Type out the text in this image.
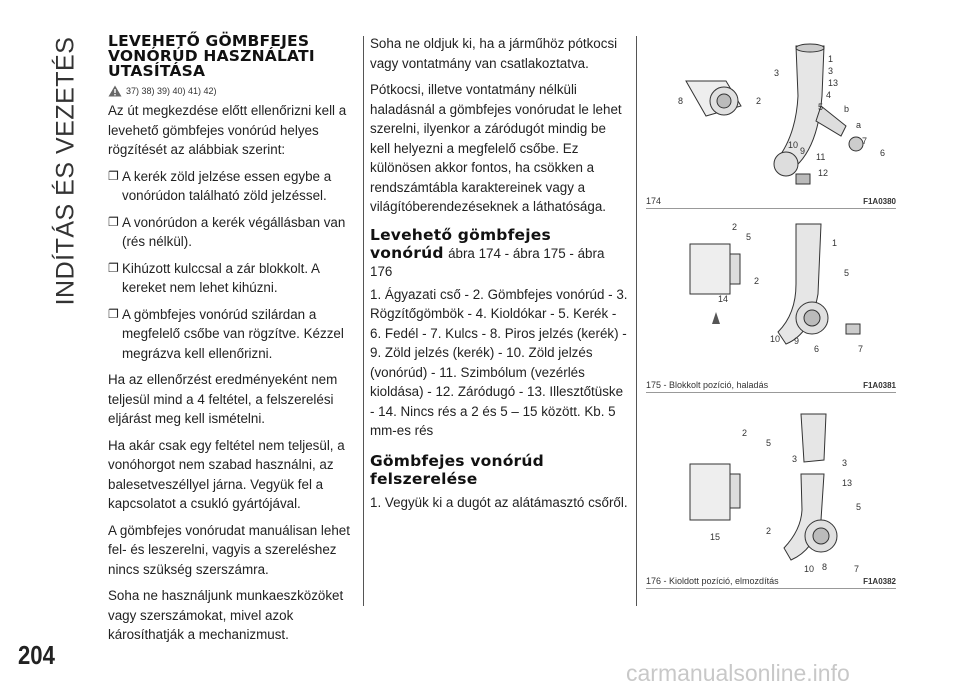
INDÍTÁS ÉS VEZETÉS
204
LEVEHETŐ GÖMBFEJES VONÓRÚD HASZNÁLATI UTASÍTÁSA
37) 38) 39) 40) 41) 42)

Az út megkezdése előtt ellenőrizni kell a levehető gömbfejes vonórúd helyes rögzítését az alábbiak szerint:

❐ A kerék zöld jelzése essen egybe a vonórúdon található zöld jelzéssel.
❐ A vonórúdon a kerék végállásban van (rés nélkül).
❐ Kihúzott kulccsal a zár blokkolt. A kereket nem lehet kihúzni.
❐ A gömbfejes vonórúd szilárdan a megfelelő csőbe van rögzítve. Kézzel megrázva kell ellenőrizni.

Ha az ellenőrzést eredményeként nem teljesül mind a 4 feltétel, a felszerelési eljárást meg kell ismételni.

Ha akár csak egy feltétel nem teljesül, a vonóhorgot nem szabad használni, az balesetveszéllyel járna. Vegyük fel a kapcsolatot a csukló gyártójával.

A gömbfejes vonórudat manuálisan lehet fel- és leszerelni, vagyis a szereléshez nincs szükség szerszámra.

Soha ne használjunk munkaeszközöket vagy szerszámokat, mivel azok károsíthatják a mechanizmust.

Soha ne oldjuk ki, ha a járműhöz pótkocsi vagy vontatmány van csatlakoztatva.

Pótkocsi, illetve vontatmány nélküli haladásnál a gömbfejes vonórudat le lehet szerelni, ilyenkor a záródugót mindig be kell helyezni a megfelelő csőbe. Ez különösen akkor fontos, ha csökken a rendszámtábla karaktereinek vagy a világítóberendezéseknek a láthatósága.

Levehető gömbfejes vonórúd ábra 174 - ábra 175 - ábra 176

1. Ágyazati cső - 2. Gömbfejes vonórúd - 3. Rögzítőgömbök - 4. Kioldókar - 5. Kerék - 6. Fedél - 7. Kulcs - 8. Piros jelzés (kerék) - 9. Zöld jelzés (kerék) - 10. Zöld jelzés (vonórúd) - 11. Szimbólum (vezérlés kioldása) - 12. Záródugó - 13. Illesztőtüske - 14. Nincs rés a 2 és 5 – 15 között. Kb. 5 mm-es rés

Gömbfejes vonórúd felszerelése

1. Vegyük ki a dugót az alátámasztó csőről.

1
3
13
4
5 b
a
7
6
3
8	2
10
9
11
12
174	F1A0380
2
5
1
5
2
14
10 9
6	7
175 - Blokkolt pozíció, haladás	F1A0381
2
5
3	3
13
5
15
2
10 8	7
176 - Kioldott pozíció, elmozdítás	F1A0382
carmanualsonline.info
